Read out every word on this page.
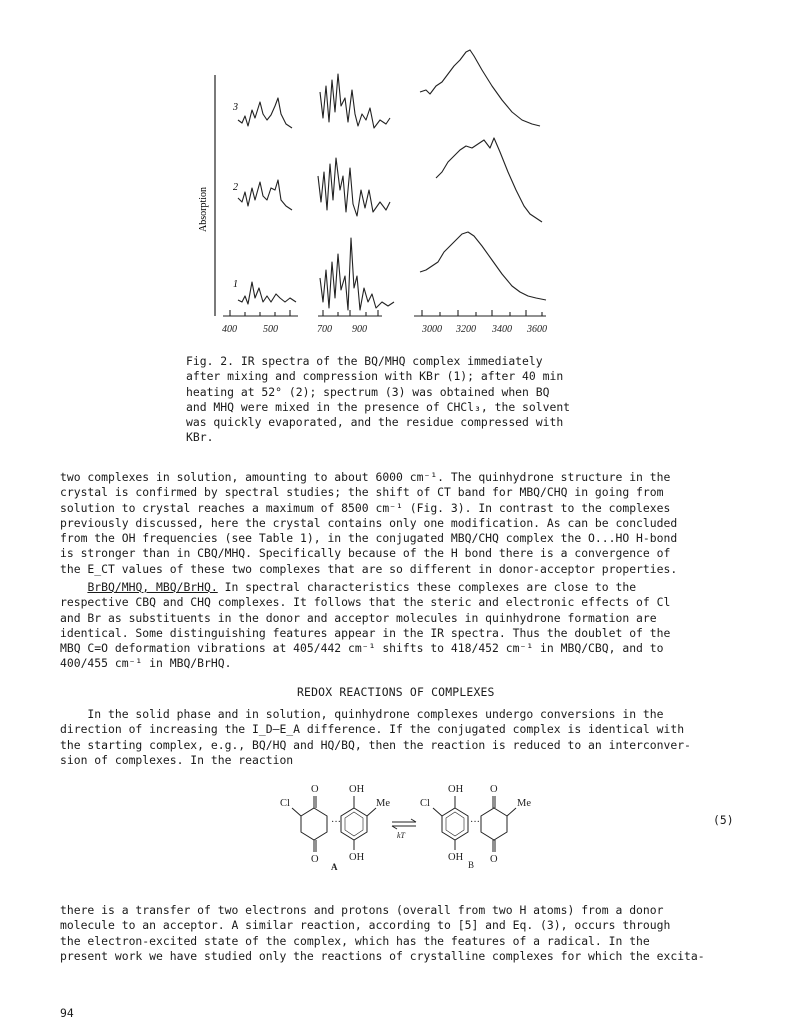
Absorption
3
2
1
400	500	700 900	3000 3200 3400 3600

Fig. 2. IR spectra of the BQ/MHQ complex immediately

after mixing and compression with KBr (1); after 40 min

heating at 52° (2); spectrum (3) was obtained when BQ

and MHQ were mixed in the presence of CHCl₃, the solvent

was quickly evaporated, and the residue compressed with

KBr.

two complexes in solution, amounting to about 6000 cm⁻¹. The quinhydrone structure in the

crystal is confirmed by spectral studies; the shift of CT band for MBQ/CHQ in going from

solution to crystal reaches a maximum of 8500 cm⁻¹ (Fig. 3). In contrast to the complexes

previously discussed, here the crystal contains only one modification. As can be concluded

from the OH frequencies (see Table 1), in the conjugated MBQ/CHQ complex the O...HO H-bond

is stronger than in CBQ/MHQ. Specifically because of the H bond there is a convergence of

the E_CT values of these two complexes that are so different in donor-acceptor properties.

BrBQ/MHQ, MBQ/BrHQ. In spectral characteristics these complexes are close to the

respective CBQ and CHQ complexes. It follows that the steric and electronic effects of Cl

and Br as substituents in the donor and acceptor molecules in quinhydrone formation are

identical. Some distinguishing features appear in the IR spectra. Thus the doublet of the

MBQ C=O deformation vibrations at 405/442 cm⁻¹ shifts to 418/452 cm⁻¹ in MBQ/CBQ, and to

400/455 cm⁻¹ in MBQ/BrHQ.

REDOX REACTIONS OF COMPLEXES

In the solid phase and in solution, quinhydrone complexes undergo conversions in the

direction of increasing the I_D–E_A difference. If the conjugated complex is identical with

the starting complex, e.g., BQ/HQ and HQ/BQ, then the reaction is reduced to an interconver-

sion of complexes. In the reaction

···	···
O	OH	OH	O
O	OH	OH	O
Cl	Me	Cl	Me
kT
A	B
(5)

there is a transfer of two electrons and protons (overall from two H atoms) from a donor

molecule to an acceptor. A similar reaction, according to [5] and Eq. (3), occurs through

the electron-excited state of the complex, which has the features of a radical. In the

present work we have studied only the reactions of crystalline complexes for which the excita-

94
